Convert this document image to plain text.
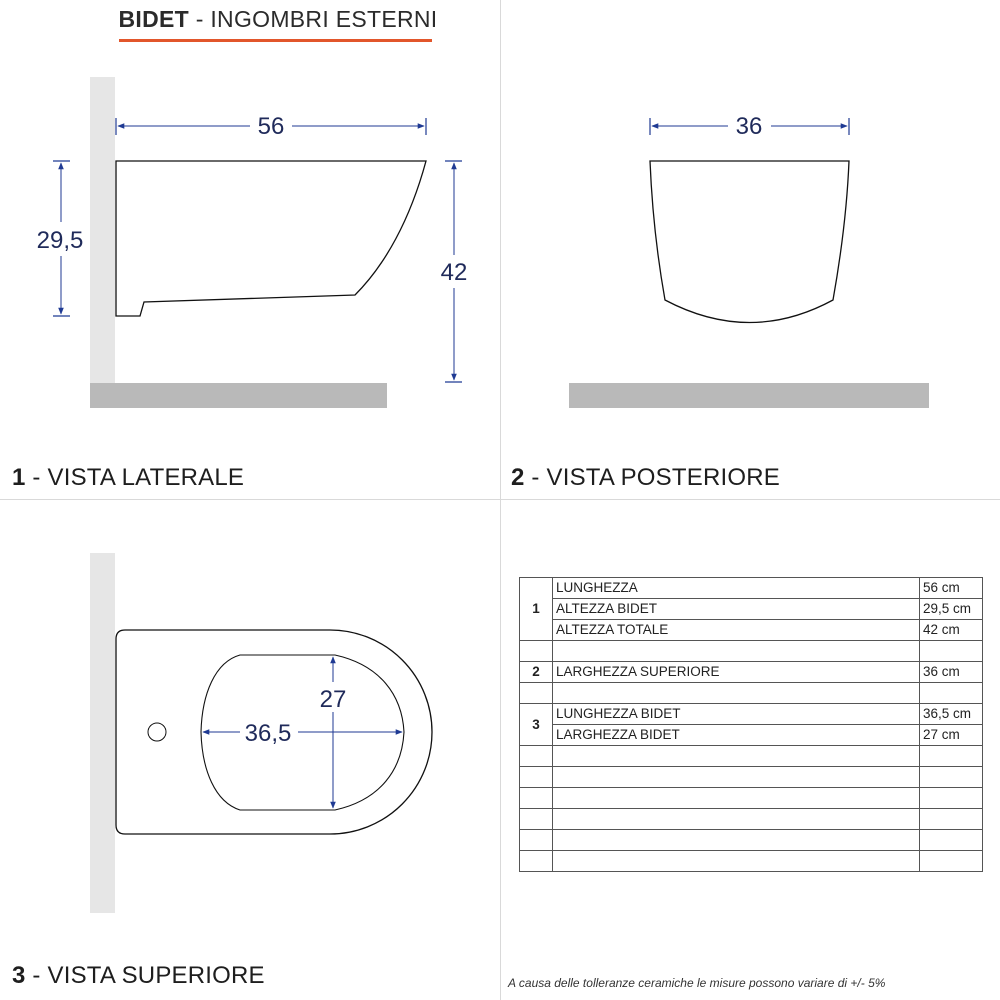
BIDET - INGOMBRI ESTERNI
56
29,5
42
36
36,5
27
1 - VISTA LATERALE	2 - VISTA POSTERIORE
3 - VISTA SUPERIORE
1	LUNGHEZZA	56 cm
	ALTEZZA BIDET	29,5 cm
	ALTEZZA TOTALE	42 cm

2	LARGHEZZA SUPERIORE	36 cm

3	LUNGHEZZA BIDET	36,5 cm
	LARGHEZZA BIDET	27 cm

A causa delle tolleranze ceramiche le misure possono variare di +/- 5%
